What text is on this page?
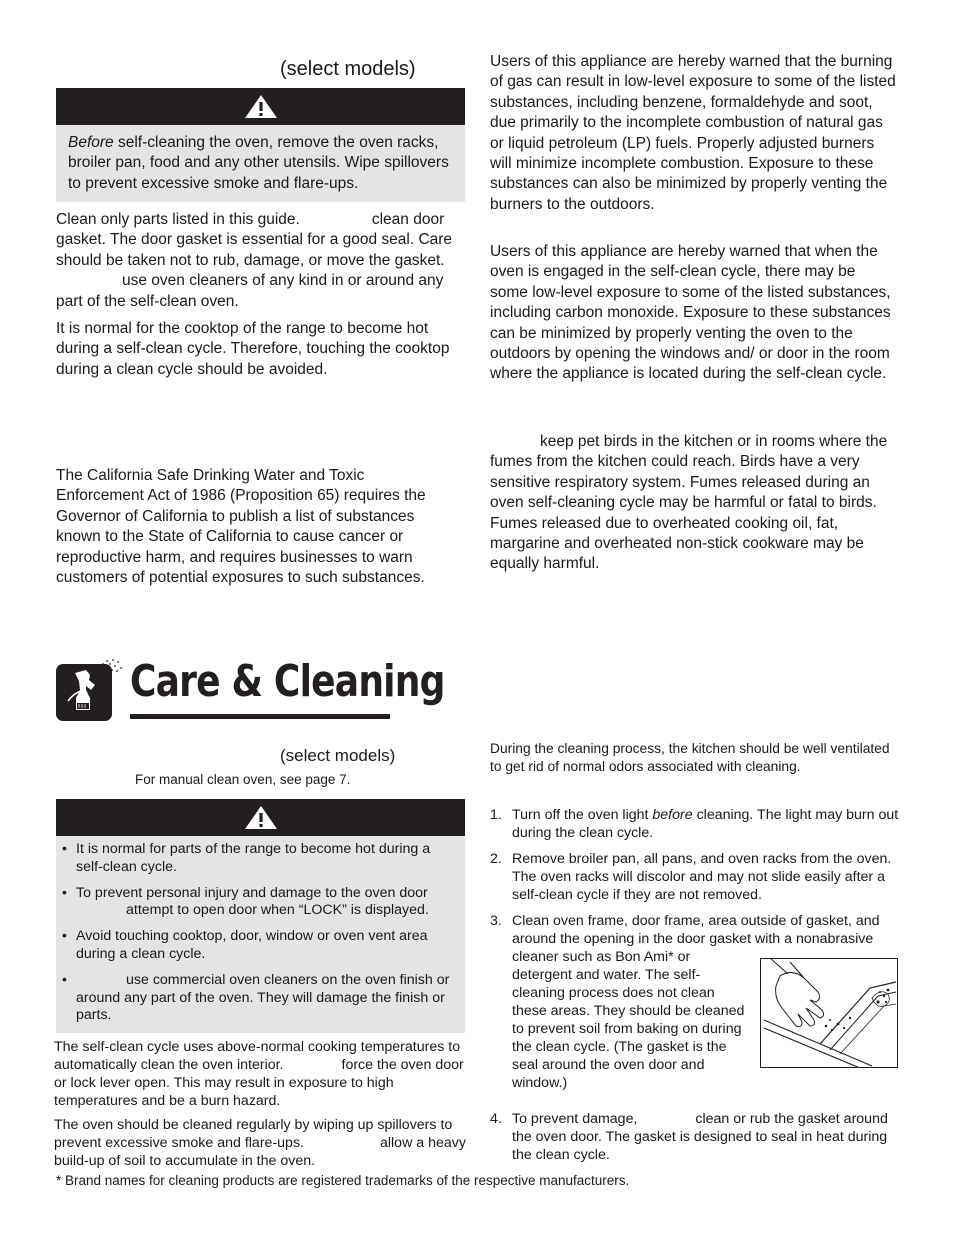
(select models)

Before self-cleaning the oven, remove the oven racks, broiler pan, food and any other utensils. Wipe spillovers to prevent excessive smoke and flare-ups.

Clean only parts listed in this guide.	clean door gasket. The door gasket is essential for a good seal. Care should be taken not to rub, damage, or move the gasket.use oven cleaners of any kind in or around any part of the self-clean oven.

It is normal for the cooktop of the range to become hot during a self-clean cycle. Therefore, touching the cooktop during a clean cycle should be avoided.

The California Safe Drinking Water and Toxic Enforcement Act of 1986 (Proposition 65) requires the Governor of California to publish a list of substances known to the State of California to cause cancer or reproductive harm, and requires businesses to warn customers of potential exposures to such substances.

Users of this appliance are hereby warned that the burning of gas can result in low-level exposure to some of the listed substances, including benzene, formaldehyde and soot, due primarily to the incomplete combustion of natural gas or liquid petroleum (LP) fuels. Properly adjusted burners will minimize incomplete combustion. Exposure to these substances can also be minimized by properly venting the burners to the outdoors.

Users of this appliance are hereby warned that when the oven is engaged in the self-clean cycle, there may be some low-level exposure to some of the listed substances, including carbon monoxide. Exposure to these substances can be minimized by properly venting the oven to the outdoors by opening the windows and/ or door in the room where the appliance is located during the self-clean cycle.

keep pet birds in the kitchen or in rooms where the fumes from the kitchen could reach. Birds have a very sensitive respiratory system. Fumes released during an oven self-cleaning cycle may be harmful or fatal to birds. Fumes released due to overheated cooking oil, fat, margarine and overheated non-stick cookware may be equally harmful.

Care & Cleaning
(select models)
For manual clean oven, see page 7.
• It is normal for parts of the range to become hot during a self-clean cycle.
• To prevent personal injury and damage to the oven door
attempt to open door when “LOCK” is displayed.
• Avoid touching cooktop, door, window or oven vent area during a clean cycle.
• use commercial oven cleaners on the oven finish or around any part of the oven. They will damage the finish or parts.

The self-clean cycle uses above-normal cooking temperatures to automatically clean the oven interior.	force the oven door or lock lever open. This may result in exposure to high temperatures and be a burn hazard.

The oven should be cleaned regularly by wiping up spillovers to prevent excessive smoke and flare-ups.	allow a heavy build-up of soil to accumulate in the oven.

* Brand names for cleaning products are registered trademarks of the respective manufacturers.

During the cleaning process, the kitchen should be well ventilated to get rid of normal odors associated with cleaning.

1. Turn off the oven light before cleaning. The light may burn out during the clean cycle.
2. Remove broiler pan, all pans, and oven racks from the oven. The oven racks will discolor and may not slide easily after a self-clean cycle if they are not removed.
3. Clean oven frame, door frame, area outside of gasket, and around the opening in the door gasket with a nonabrasive
cleaner such as Bon Ami* or detergent and water. The self-cleaning process does not clean these areas. They should be cleaned to prevent soil from baking on during the clean cycle. (The gasket is the seal around the oven door and window.)
4. To prevent damage,	clean or rub the gasket around the oven door. The gasket is designed to seal in heat during the clean cycle.
